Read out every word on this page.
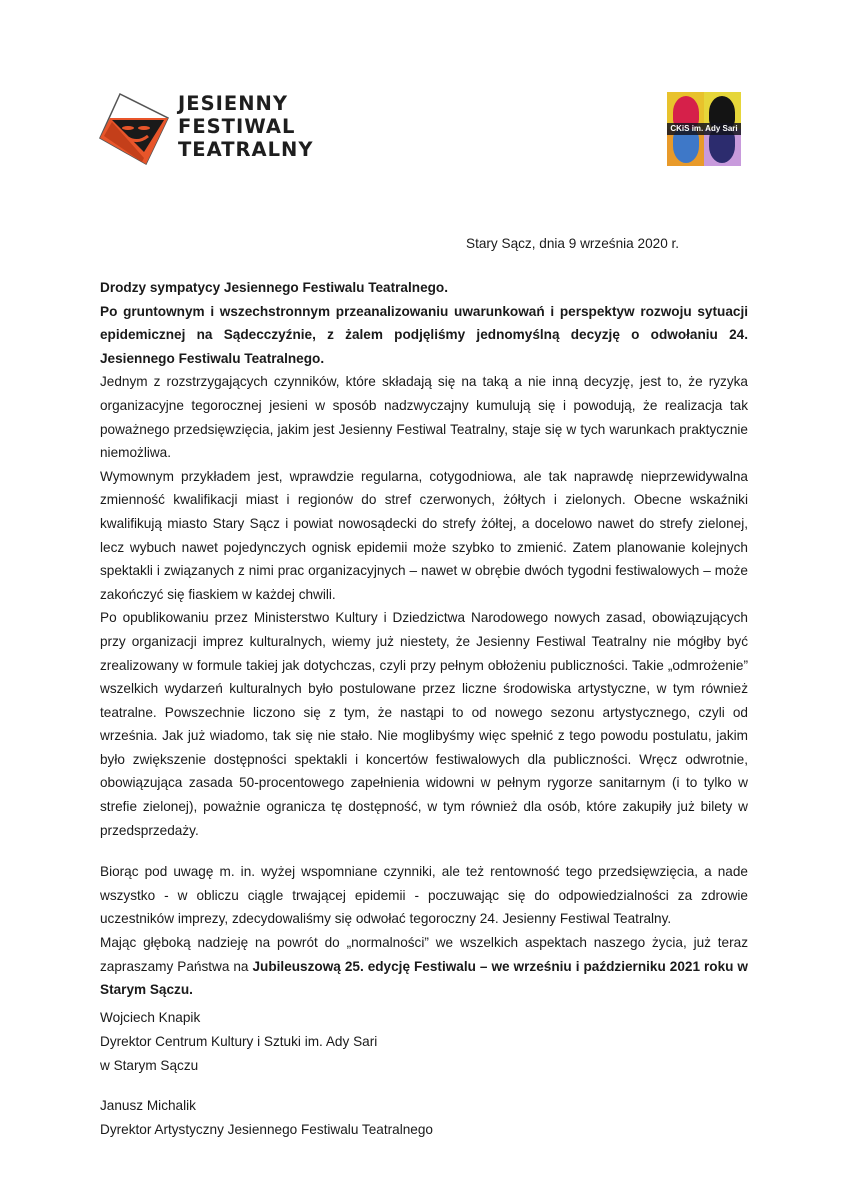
JESIENNY
FESTIWAL
TEATRALNY
CKiS im. Ady Sari
Stary Sącz, dnia 9 września 2020 r.

Drodzy sympatycy Jesiennego Festiwalu Teatralnego.

Po gruntownym i wszechstronnym przeanalizowaniu uwarunkowań i perspektyw rozwoju sytuacji epidemicznej na Sądecczyźnie, z żalem podjęliśmy jednomyślną decyzję o odwołaniu 24. Jesiennego Festiwalu Teatralnego.

Jednym z rozstrzygających czynników, które składają się na taką a nie inną decyzję, jest to, że ryzyka organizacyjne tegorocznej jesieni w sposób nadzwyczajny kumulują się i powodują, że realizacja tak poważnego przedsięwzięcia, jakim jest Jesienny Festiwal Teatralny, staje się w tych warunkach praktycznie niemożliwa.

Wymownym przykładem jest, wprawdzie regularna, cotygodniowa, ale tak naprawdę nieprzewidywalna zmienność kwalifikacji miast i regionów do stref czerwonych, żółtych i zielonych. Obecne wskaźniki kwalifikują miasto Stary Sącz i powiat nowosądecki do strefy żółtej, a docelowo nawet do strefy zielonej, lecz wybuch nawet pojedynczych ognisk epidemii może szybko to zmienić. Zatem planowanie kolejnych spektakli i związanych z nimi prac organizacyjnych – nawet w obrębie dwóch tygodni festiwalowych – może zakończyć się fiaskiem w każdej chwili.

Po opublikowaniu przez Ministerstwo Kultury i Dziedzictwa Narodowego nowych zasad, obowiązujących przy organizacji imprez kulturalnych, wiemy już niestety, że Jesienny Festiwal Teatralny nie mógłby być zrealizowany w formule takiej jak dotychczas, czyli przy pełnym obłożeniu publiczności. Takie „odmrożenie” wszelkich wydarzeń kulturalnych było postulowane przez liczne środowiska artystyczne, w tym również teatralne. Powszechnie liczono się z tym, że nastąpi to od nowego sezonu artystycznego, czyli od września. Jak już wiadomo, tak się nie stało. Nie moglibyśmy więc spełnić z tego powodu postulatu, jakim było zwiększenie dostępności spektakli i koncertów festiwalowych dla publiczności. Wręcz odwrotnie, obowiązująca zasada 50-procentowego zapełnienia widowni w pełnym rygorze sanitarnym (i to tylko w strefie zielonej), poważnie ogranicza tę dostępność, w tym również dla osób, które zakupiły już bilety w przedsprzedaży.

Biorąc pod uwagę m. in. wyżej wspomniane czynniki, ale też rentowność tego przedsięwzięcia, a nade wszystko - w obliczu ciągle trwającej epidemii - poczuwając się do odpowiedzialności za zdrowie uczestników imprezy, zdecydowaliśmy się odwołać tegoroczny 24. Jesienny Festiwal Teatralny.

Mając głęboką nadzieję na powrót do „normalności” we wszelkich aspektach naszego życia, już teraz zapraszamy Państwa na Jubileuszową 25. edycję Festiwalu – we wrześniu i październiku 2021 roku w Starym Sączu.

Wojciech Knapik
Dyrektor Centrum Kultury i Sztuki im. Ady Sari
w Starym Sączu
Janusz Michalik
Dyrektor Artystyczny Jesiennego Festiwalu Teatralnego
